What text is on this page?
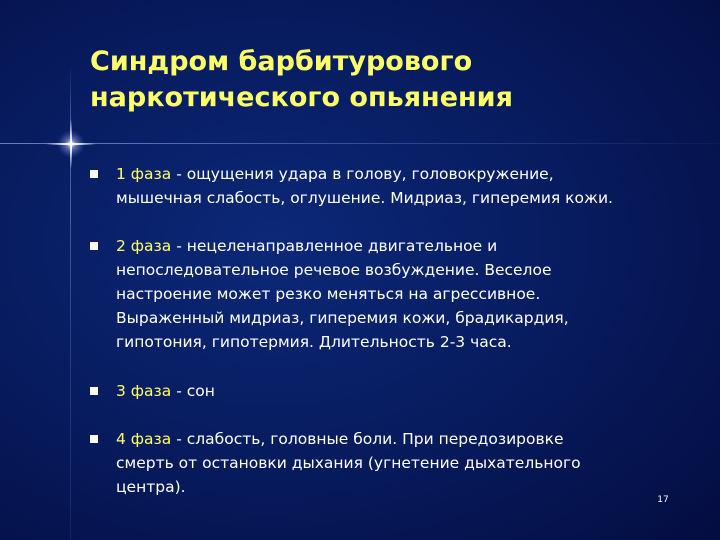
Синдром барбитурового
наркотического опьянения
1 фаза - ощущения удара в голову, головокружение,
мышечная слабость, оглушение. Мидриаз, гиперемия кожи.
2 фаза - нецеленаправленное двигательное и
непоследовательное речевое возбуждение. Веселое
настроение может резко меняться на агрессивное.
Выраженный мидриаз, гиперемия кожи, брадикардия,
гипотония, гипотермия. Длительность 2-3 часа.
3 фаза - сон
4 фаза - слабость, головные боли. При передозировке
смерть от остановки дыхания (угнетение дыхательного
центра).
17
